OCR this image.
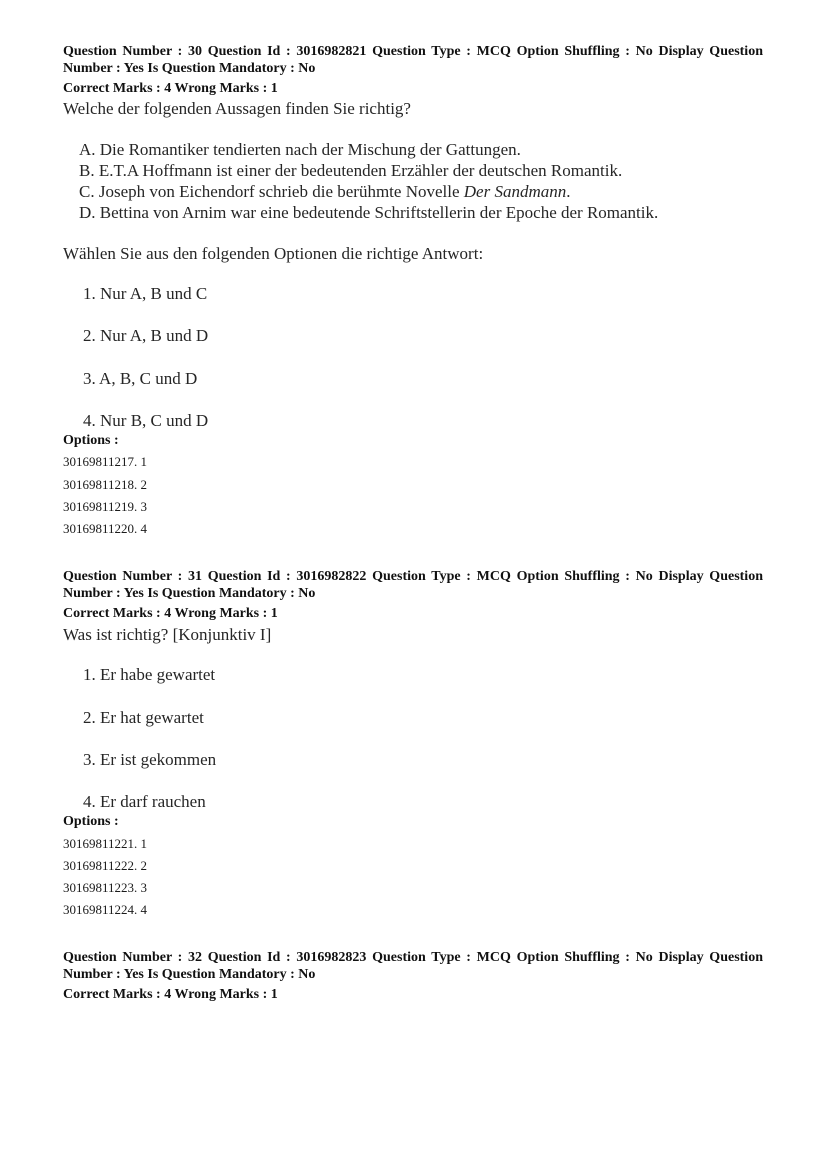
Question Number : 30 Question Id : 3016982821 Question Type : MCQ Option Shuffling : No Display Question
Number : Yes Is Question Mandatory : No
Correct Marks : 4 Wrong Marks : 1
Welche der folgenden Aussagen finden Sie richtig?
A. Die Romantiker tendierten nach der Mischung der Gattungen.
B. E.T.A Hoffmann ist einer der bedeutenden Erzähler der deutschen Romantik.
C. Joseph von Eichendorf schrieb die berühmte Novelle Der Sandmann.
D. Bettina von Arnim war eine bedeutende Schriftstellerin der Epoche der Romantik.
Wählen Sie aus den folgenden Optionen die richtige Antwort:
1. Nur A, B und C
2. Nur A, B und D
3. A, B, C und D
4. Nur B, C und D
Options :
30169811217. 1
30169811218. 2
30169811219. 3
30169811220. 4
Question Number : 31 Question Id : 3016982822 Question Type : MCQ Option Shuffling : No Display Question
Number : Yes Is Question Mandatory : No
Correct Marks : 4 Wrong Marks : 1
Was ist richtig? [Konjunktiv I]
1. Er habe gewartet
2. Er hat gewartet
3. Er ist gekommen
4. Er darf rauchen
Options :
30169811221. 1
30169811222. 2
30169811223. 3
30169811224. 4
Question Number : 32 Question Id : 3016982823 Question Type : MCQ Option Shuffling : No Display Question
Number : Yes Is Question Mandatory : No
Correct Marks : 4 Wrong Marks : 1
